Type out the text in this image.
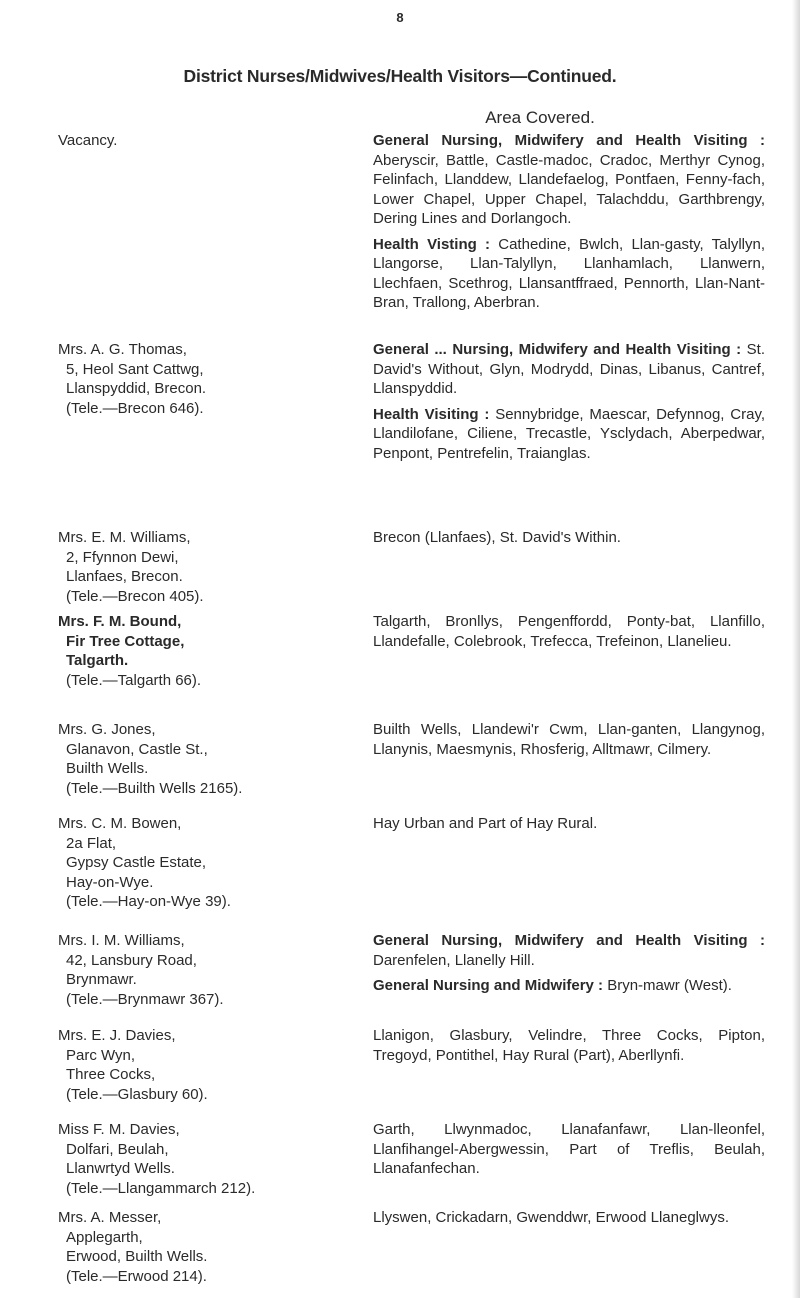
8
District Nurses/Midwives/Health Visitors—Continued.
Area Covered.
Vacancy.	General Nursing, Midwifery and Health Visiting : Aberyscir, Battle, Castle-madoc, Cradoc, Merthyr Cynog, Felinfach, Llanddew, Llandefaelog, Pontfaen, Fenny-fach, Lower Chapel, Upper Chapel, Talachddu, Garthbrengy, Dering Lines and Dorlangoch.

Health Visting : Cathedine, Bwlch, Llan-gasty, Talyllyn, Llangorse, Llan-Talyllyn, Llanhamlach, Llanwern, Llechfaen, Scethrog, Llansantffraed, Pennorth, Llan-Nant-Bran, Trallong, Aberbran.

Mrs. A. G. Thomas,
5, Heol Sant Cattwg,
Llanspyddid, Brecon.
(Tele.—Brecon 646).

General ... Nursing, Midwifery and Health Visiting : St. David's Without, Glyn, Modrydd, Dinas, Libanus, Cantref, Llanspyddid.

Health Visiting : Sennybridge, Maescar, Defynnog, Cray, Llandilofane, Ciliene, Trecastle, Ysclydach, Aberpedwar, Penpont, Pentrefelin, Traianglas.

Mrs. E. M. Williams,
2, Ffynnon Dewi,
Llanfaes, Brecon.
(Tele.—Brecon 405).

Brecon (Llanfaes), St. David's Within.

Mrs. F. M. Bound,
Fir Tree Cottage,
Talgarth.
(Tele.—Talgarth 66).

Talgarth, Bronllys, Pengenffordd, Ponty-bat, Llanfillo, Llandefalle, Colebrook, Trefecca, Trefeinon, Llanelieu.

Mrs. G. Jones,
Glanavon, Castle St.,
Builth Wells.
(Tele.—Builth Wells 2165).

Builth Wells, Llandewi'r Cwm, Llan-ganten, Llangynog, Llanynis, Maesmynis, Rhosferig, Alltmawr, Cilmery.

Mrs. C. M. Bowen,
2a Flat,
Gypsy Castle Estate,
Hay-on-Wye.
(Tele.—Hay-on-Wye 39).

Hay Urban and Part of Hay Rural.

Mrs. I. M. Williams,
42, Lansbury Road,
Brynmawr.
(Tele.—Brynmawr 367).

General Nursing, Midwifery and Health Visiting : Darenfelen, Llanelly Hill.

General Nursing and Midwifery : Bryn-mawr (West).

Mrs. E. J. Davies,
Parc Wyn,
Three Cocks,
(Tele.—Glasbury 60).

Llanigon, Glasbury, Velindre, Three Cocks, Pipton, Tregoyd, Pontithel, Hay Rural (Part), Aberllynfi.

Miss F. M. Davies,
Dolfari, Beulah,
Llanwrtyd Wells.
(Tele.—Llangammarch 212).

Garth, Llwynmadoc, Llanafanfawr, Llan-lleonfel, Llanfihangel-Abergwessin, Part of Treflis, Beulah, Llanafanfechan.

Mrs. A. Messer,
Applegarth,
Erwood, Builth Wells.
(Tele.—Erwood 214).

Llyswen, Crickadarn, Gwenddwr, Erwood Llaneglwys.
